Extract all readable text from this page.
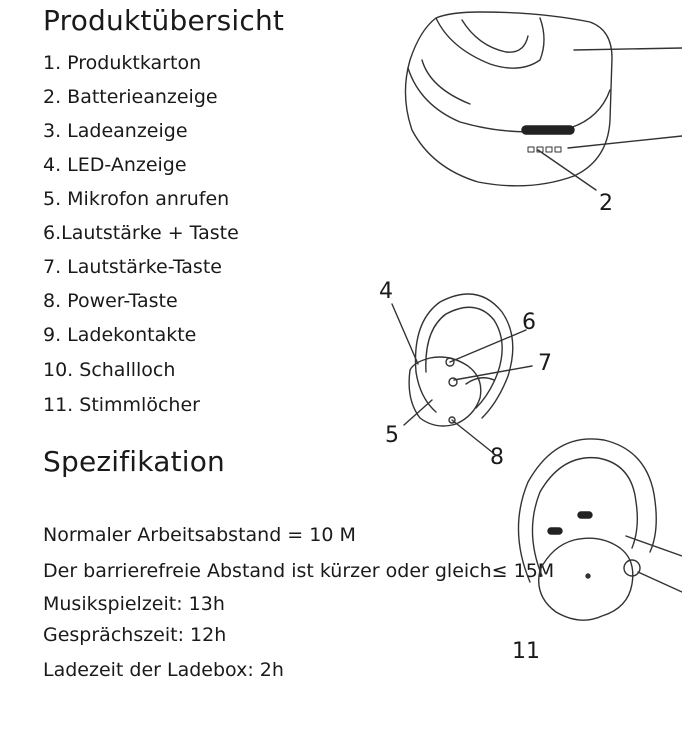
Produktübersicht
1. Produktkarton
2. Batterieanzeige
3. Ladeanzeige
4. LED-Anzeige
5. Mikrofon anrufen
6.Lautstärke + Taste
7. Lautstärke-Taste
8. Power-Taste
9. Ladekontakte
10. Schallloch
11. Stimmlöcher
Spezifikation
Normaler Arbeitsabstand = 10 M
Der barrierefreie Abstand ist kürzer oder gleich≤ 15M
Musikspielzeit: 13h
Gesprächszeit: 12h
Ladezeit der Ladebox: 2h
2
4
6
7
5
8
11
